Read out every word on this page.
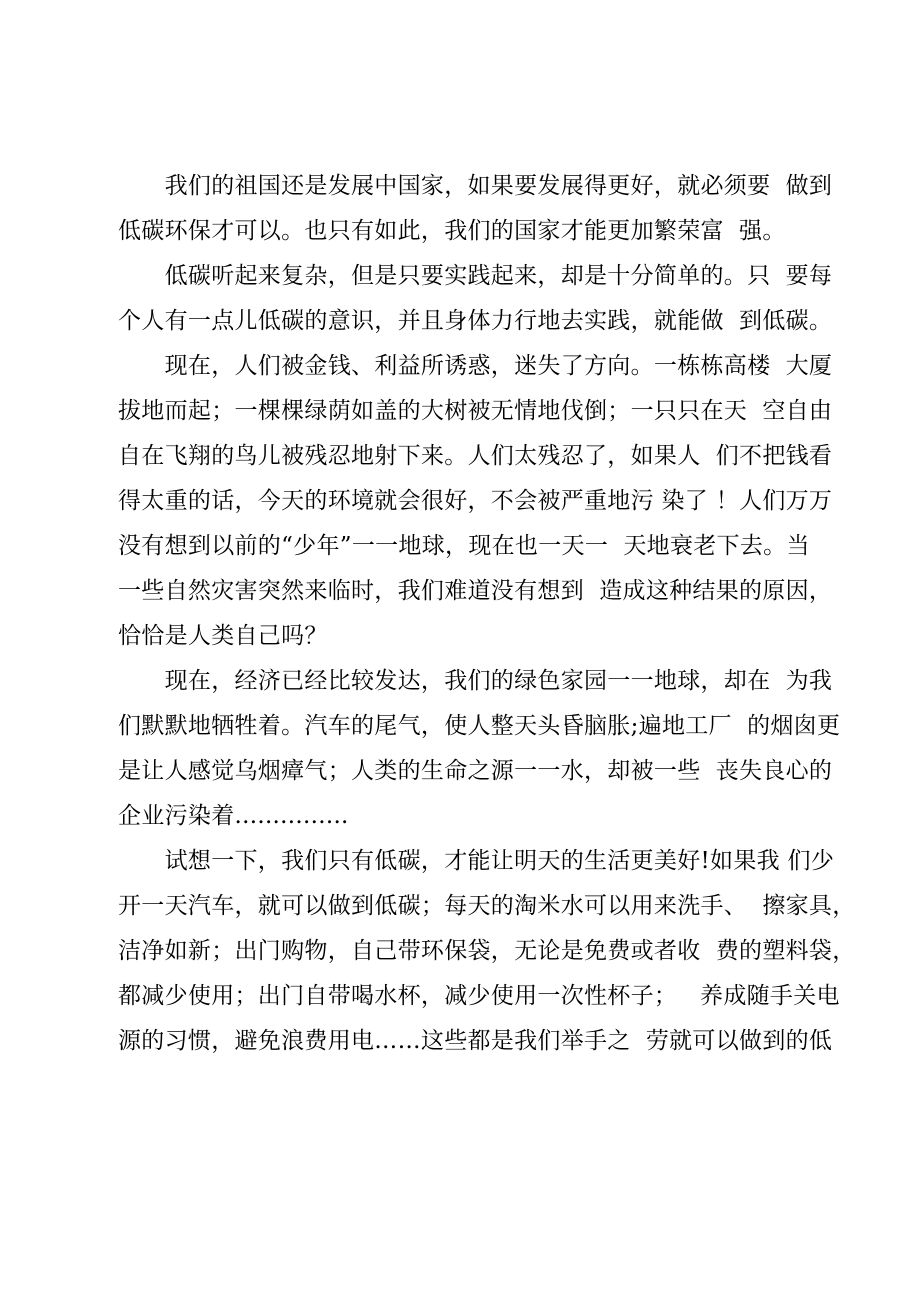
　　我们的祖国还是发展中国家，如果要发展得更好，就必须要  做到
低碳环保才可以。也只有如此，我们的国家才能更加繁荣富  强。
　　低碳听起来复杂，但是只要实践起来，却是十分简单的。只  要每
个人有一点儿低碳的意识，并且身体力行地去实践，就能做  到低碳。
　　现在，人们被金钱、利益所诱惑，迷失了方向。一栋栋高楼  大厦
拔地而起；一棵棵绿荫如盖的大树被无情地伐倒；一只只在天  空自由
自在飞翔的鸟儿被残忍地射下来。人们太残忍了，如果人  们不把钱看
得太重的话，今天的环境就会很好，不会被严重地污 染了 ！人们万万
没有想到以前的“少年”一一地球，现在也一天一  天地衰老下去。当
一些自然灾害突然来临时，我们难道没有想到  造成这种结果的原因，
恰恰是人类自己吗？
　　现在，经济已经比较发达，我们的绿色家园一一地球，却在  为我
们默默地牺牲着。汽车的尾气，使人整天头昏脑胀;遍地工厂  的烟囱更
是让人感觉乌烟瘴气；人类的生命之源一一水，却被一些  丧失良心的
企业污染着...............
　　试想一下，我们只有低碳，才能让明天的生活更美好!如果我 们少
开一天汽车，就可以做到低碳；每天的淘米水可以用来洗手、  擦家具，
洁净如新；出门购物，自己带环保袋，无论是免费或者收  费的塑料袋，
都减少使用；出门自带喝水杯，减少使用一次性杯子；   养成随手关电
源的习惯，避免浪费用电……这些都是我们举手之  劳就可以做到的低
